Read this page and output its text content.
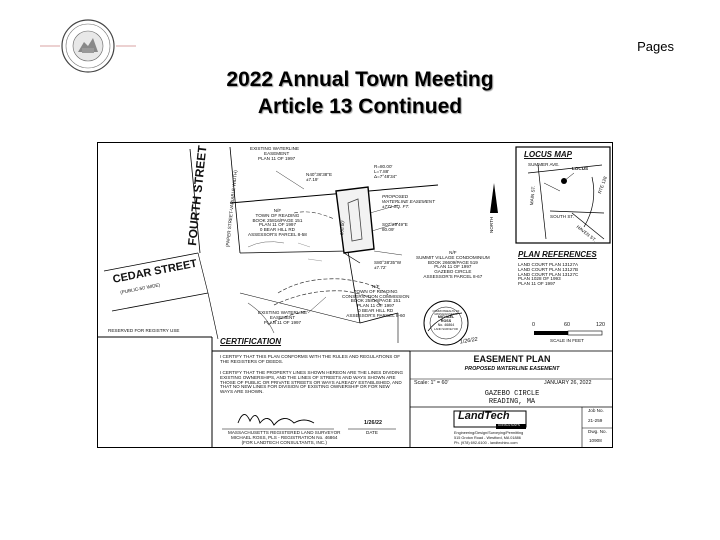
Pages
2022 Annual Town Meeting
Article 13 Continued
FOURTH STREET	(PAPER STREET-VARIABLE WIDTH)
CEDAR STREET
(PUBLIC-50' WIDE)
EXISTING WATERLINE
EASEMENT
PLAN 11 OF 1997
N40°36'38"E
±7.19'
R=80.00'
L=7.88'
Δ=7°48'34"
PROPOSED
WATERLINE EASEMENT
±771 SQ. FT.
S07°29'49"E
80.09'
100.00'	NORTH
N/F
TOWN OF READING
BOOK 25816/PAGE 151
PLAN 11 OF 1997
0 BEAR HILL RD
ASSESSOR'S PARCEL 8-58
N/F
SUMMIT VILLAGE CONDOMINIUM
BOOK 26609/PAGE 519
PLAN 11 OF 1997
GAZEBO CIRCLE
ASSESSOR'S PARCEL 8-67
S80°38'35"W
±7.72'
N/F
TOWN OF READING
CONSERVATION COMMISSION
BOOK 25816/PAGE 151
PLAN 11 OF 1997
0 BEAR HILL RD
ASSESSOR'S PARCEL 8-60
EXISTING WATERLINE
EASEMENT
PLAN 11 OF 1997
RESERVED FOR REGISTRY USE
LOCUS MAP
SUMMER AVE.
LOCUS
MAIN ST.
SOUTH ST.
HAVEN ST.
RTE 128
PLAN REFERENCES
LAND COURT PLAN 13127A
LAND COURT PLAN 13127B
LAND COURT PLAN 13127C
PLAN 1028 OF 1993
PLAN 11 OF 1997
0	60	120
SCALE IN FEET
COMMONWEALTH OF MASSACHUSETTS
MICHAEL
ROSS
No. 46864
LAND SURVEYOR
1/26/22
CERTIFICATION
I CERTIFY THAT THIS PLAN CONFORMS WITH THE RULES AND REGULATIONS OF THE REGISTERS OF DEEDS.
I CERTIFY THAT THE PROPERTY LINES SHOWN HEREON ARE THE LINES DIVIDING EXISTING OWNERSHIPS, AND THE LINES OF STREETS AND WAYS SHOWN ARE THOSE OF PUBLIC OR PRIVATE STREETS OR WAYS ALREADY ESTABLISHED, AND THAT NO NEW LINES FOR DIVISION OF EXISTING OWNERSHIP OR FOR NEW WAYS ARE SHOWN.
1/26/22
DATE
MASSACHUSETTS REGISTERED LAND SURVEYOR
MICHAEL ROSS, PLS - REGISTRATION No. 46864
(FOR LANDTECH CONSULTANTS, INC.)
EASEMENT PLAN
PROPOSED WATERLINE EASEMENT
Scale: 1" = 60'	JANUARY 26, 2022
GAZEBO CIRCLE
READING, MA
LandTech
CONSULTANTS
Engineering/Design/Surveying/Permitting
515 Groton Road - Westford, MA 01886
Ph. (978) 692-6100 - landtechinc.com
Job No.
21-259
Dwg. No.
10908
